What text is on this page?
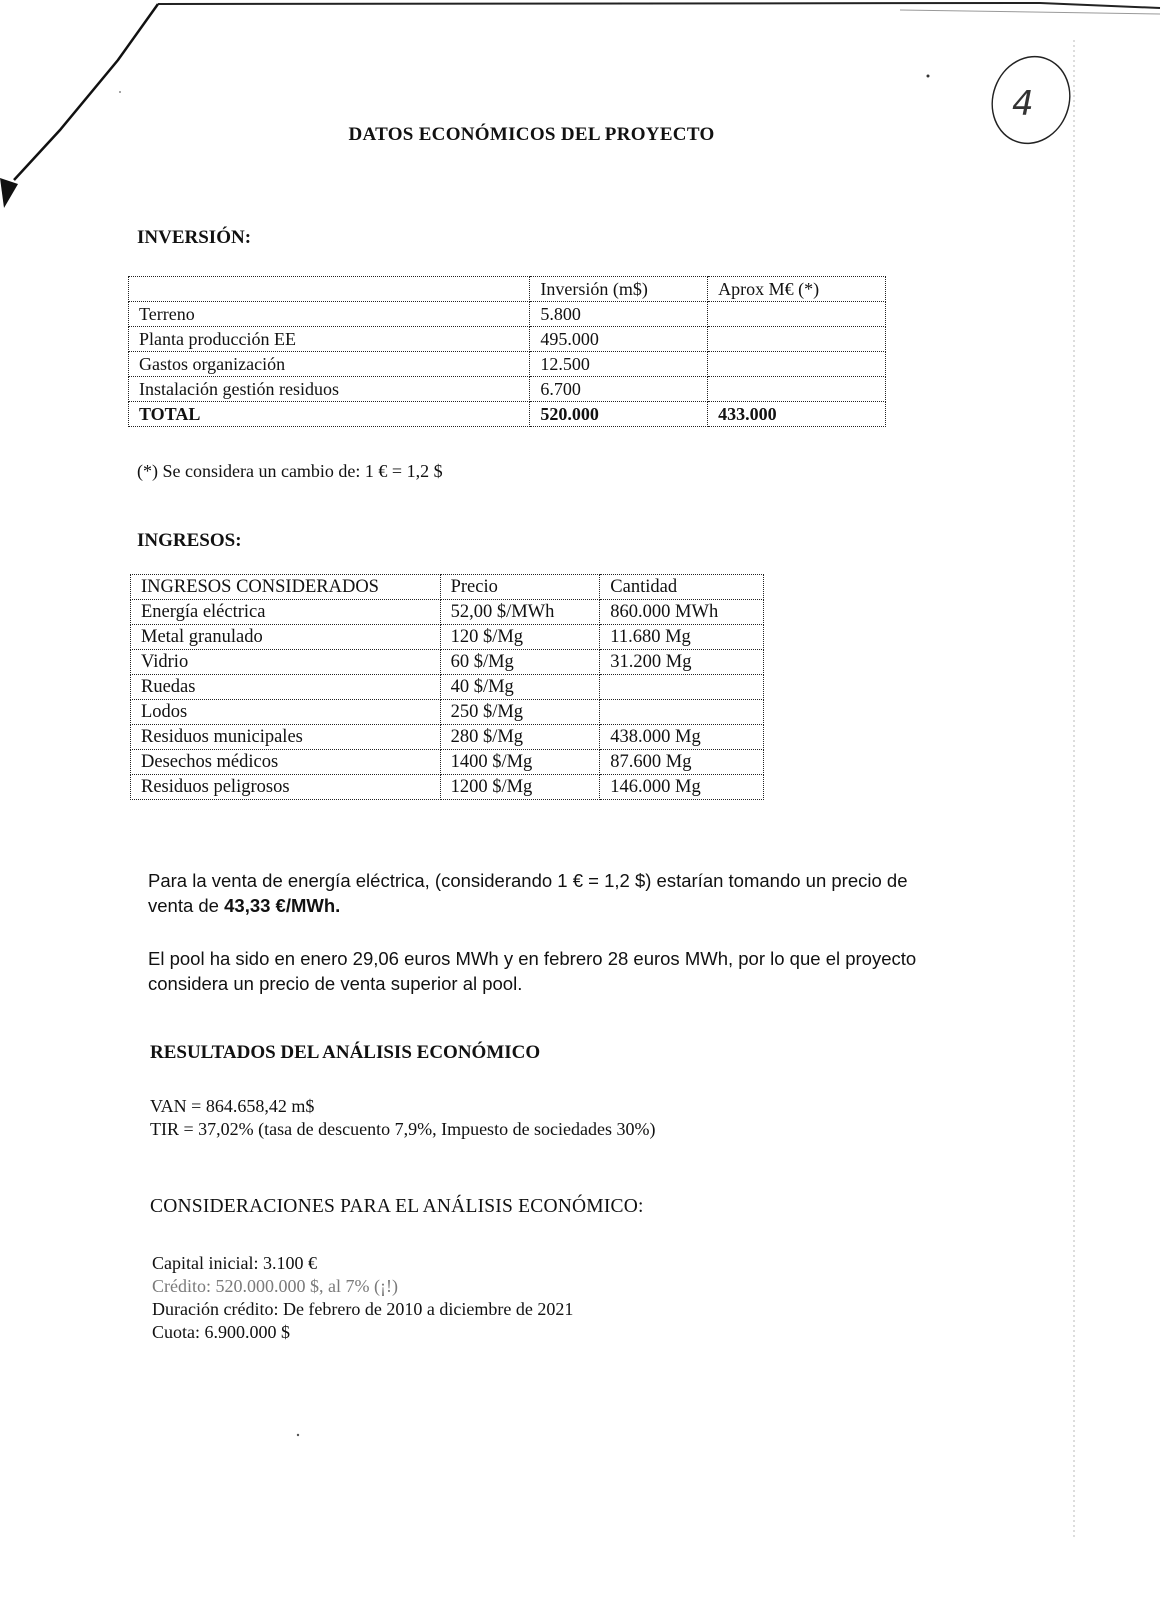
4
DATOS ECONÓMICOS DEL PROYECTO
INVERSIÓN:
	Inversión (m$)	Aprox M€ (*)
Terreno	5.800	
Planta producción EE	495.000	
Gastos organización	12.500	
Instalación gestión residuos	6.700	
TOTAL	520.000	433.000
(*) Se considera un cambio de: 1 € = 1,2 $
INGRESOS:
INGRESOS CONSIDERADOS	Precio	Cantidad
Energía eléctrica	52,00 $/MWh	860.000 MWh
Metal granulado	120 $/Mg	11.680 Mg
Vidrio	60 $/Mg	31.200 Mg
Ruedas	40 $/Mg	
Lodos	250 $/Mg	
Residuos municipales	280 $/Mg	438.000 Mg
Desechos médicos	1400 $/Mg	87.600 Mg
Residuos peligrosos	1200 $/Mg	146.000 Mg
Para la venta de energía eléctrica, (considerando 1 € = 1,2 $) estarían tomando un precio de venta de 43,33 €/MWh.
El pool ha sido en enero 29,06 euros MWh y en febrero 28 euros MWh, por lo que el proyecto considera un precio de venta superior al pool.
RESULTADOS DEL ANÁLISIS ECONÓMICO
VAN = 864.658,42 m$
TIR = 37,02% (tasa de descuento 7,9%, Impuesto de sociedades 30%)
CONSIDERACIONES PARA EL ANÁLISIS ECONÓMICO:
Capital inicial: 3.100 €
Crédito: 520.000.000 $, al 7% (¡!)
Duración crédito: De febrero de 2010 a diciembre de 2021
Cuota: 6.900.000 $
